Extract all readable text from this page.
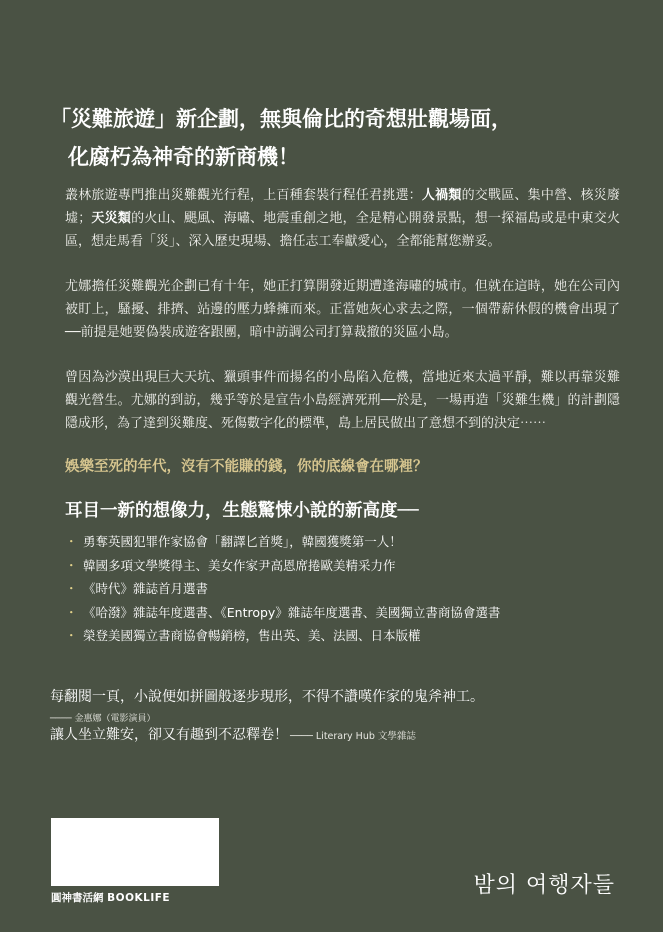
「災難旅遊」新企劃，無與倫比的奇想壯觀場面，
化腐朽為神奇的新商機！

叢林旅遊專門推出災難觀光行程，上百種套裝行程任君挑選：人禍類的交戰區、集中營、核災廢墟；天災類的火山、颶風、海嘯、地震重創之地，全是精心開發景點，想一探福島或是中東交火區，想走馬看「災」、深入歷史現場、擔任志工奉獻愛心，全都能幫您辦妥。

尤娜擔任災難觀光企劃已有十年，她正打算開發近期遭逢海嘯的城市。但就在這時，她在公司內被盯上，騷擾、排擠、站邊的壓力蜂擁而來。正當她灰心求去之際，一個帶薪休假的機會出現了──前提是她要偽裝成遊客跟團，暗中訪調公司打算裁撤的災區小島。

曾因為沙漠出現巨大天坑、獵頭事件而揚名的小島陷入危機，當地近來太過平靜，難以再靠災難觀光營生。尤娜的到訪，幾乎等於是宣告小島經濟死刑──於是，一場再造「災難生機」的計劃隱隱成形，為了達到災難度、死傷數字化的標準，島上居民做出了意想不到的決定⋯⋯

娛樂至死的年代，沒有不能賺的錢，你的底線會在哪裡？
耳目一新的想像力，生態驚悚小說的新高度──
・ 勇奪英國犯罪作家協會「翻譯匕首獎」，韓國獲獎第一人！
・ 韓國多項文學獎得主、美女作家尹高恩席捲歐美精采力作
・ 《時代》雜誌首月選書
・ 《哈潑》雜誌年度選書、《Entropy》雜誌年度選書、美國獨立書商協會選書
・ 榮登美國獨立書商協會暢銷榜，售出英、美、法國、日本版權
每翻閱一頁，小說便如拼圖般逐步現形，不得不讚嘆作家的鬼斧神工。
──── 金惠娜（電影演員）
讓人坐立難安，卻又有趣到不忍釋卷！ ──── Literary Hub 文學雜誌
圓神書活網 BOOKLIFE	밤의 여행자들
